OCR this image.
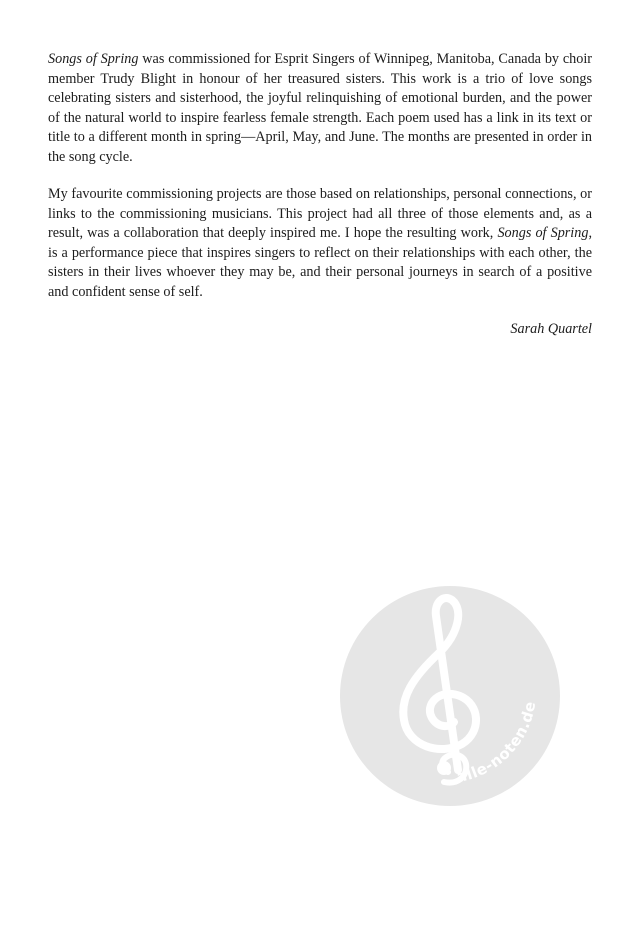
Songs of Spring was commissioned for Esprit Singers of Winnipeg, Manitoba, Canada by choir member Trudy Blight in honour of her treasured sisters. This work is a trio of love songs celebrating sisters and sisterhood, the joyful relinquishing of emotional burden, and the power of the natural world to inspire fearless female strength. Each poem used has a link in its text or title to a different month in spring—April, May, and June. The months are presented in order in the song cycle.

My favourite commissioning projects are those based on relationships, personal connections, or links to the commissioning musicians. This project had all three of those elements and, as a result, was a collaboration that deeply inspired me. I hope the resulting work, Songs of Spring, is a performance piece that inspires singers to reflect on their relationships with each other, the sisters in their lives whoever they may be, and their personal journeys in search of a positive and confident sense of self.

Sarah Quartel
alle-noten.de
